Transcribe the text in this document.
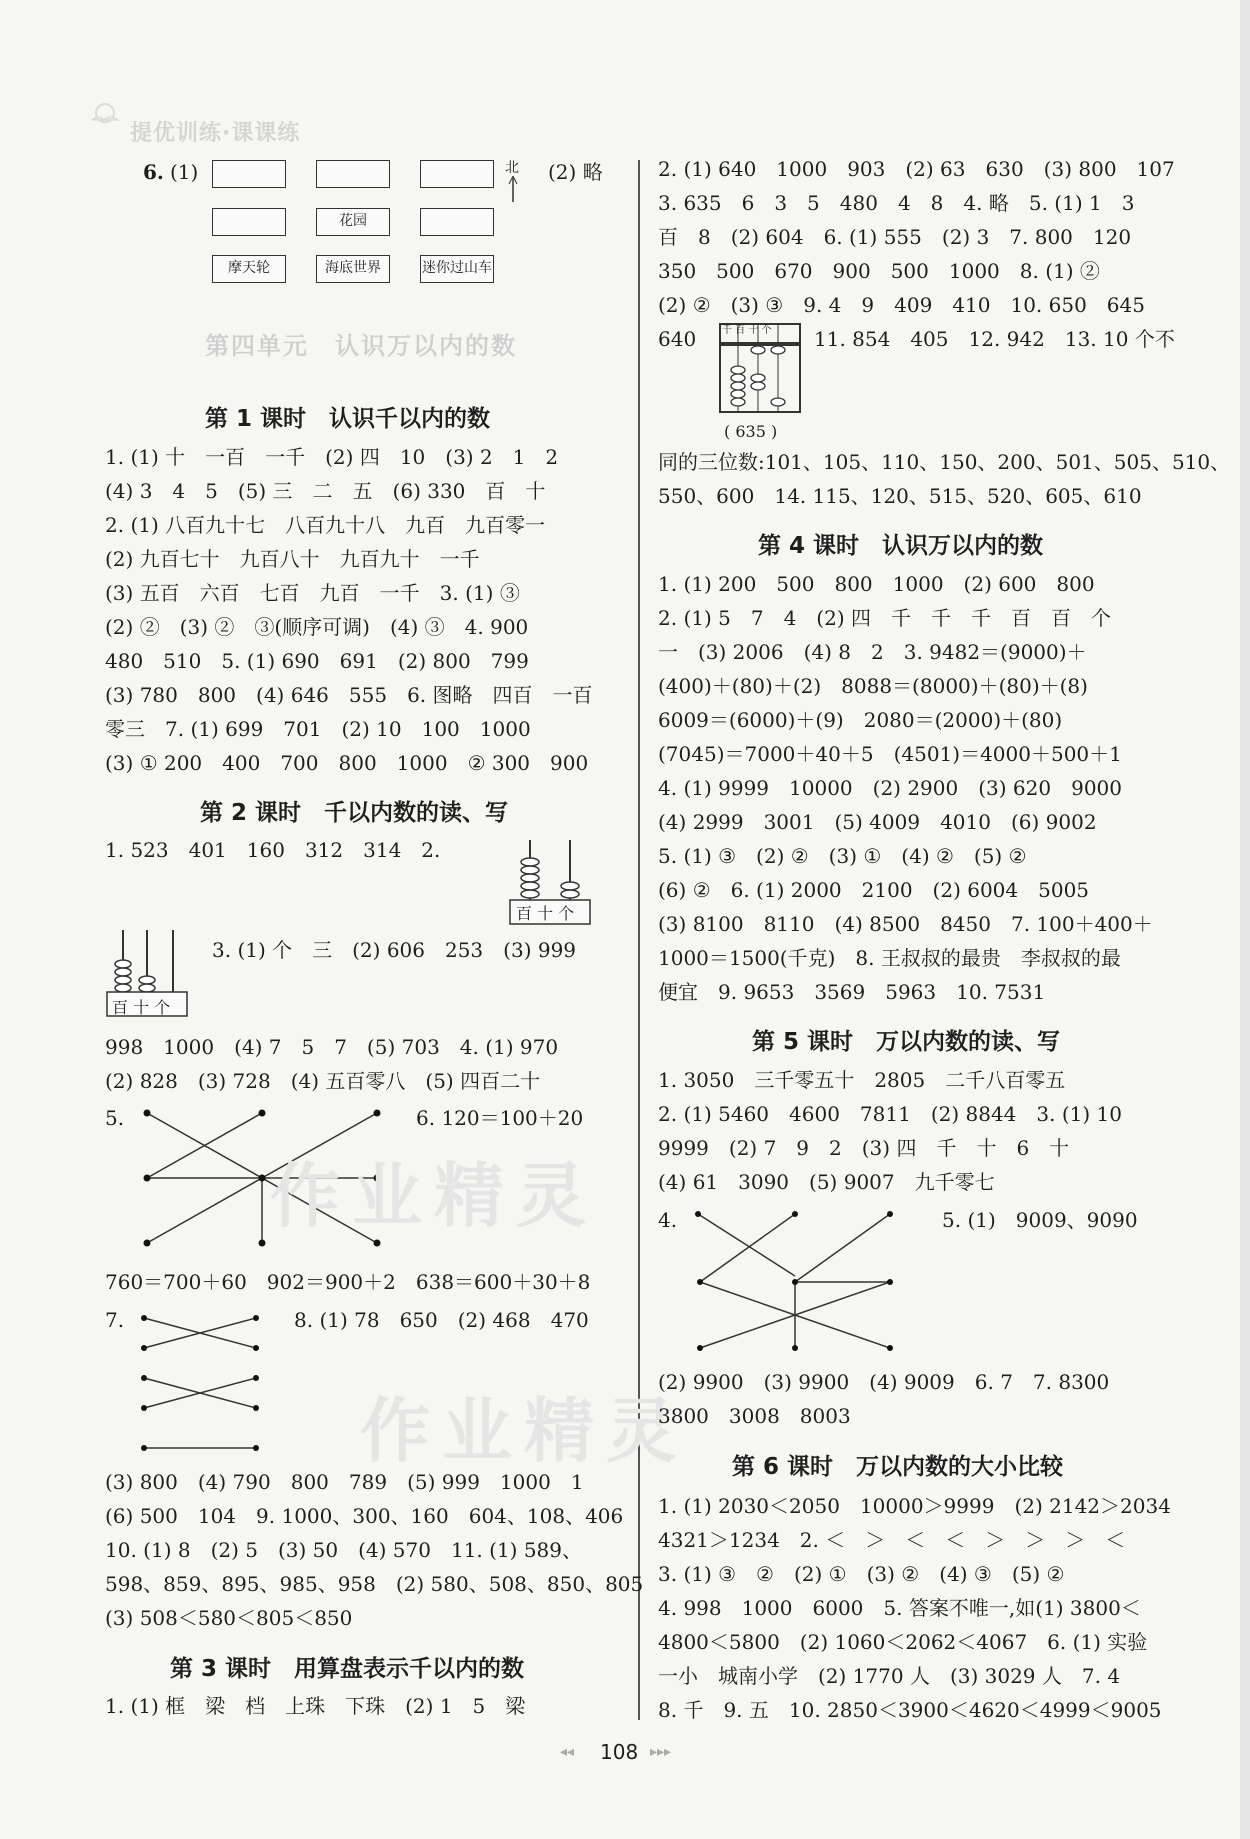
提优训练·课课练
6. (1)	北 (2) 略
花园
摩天轮	海底世界	迷你过山车
第四单元　认识万以内的数
第 1 课时　认识千以内的数
1. (1) 十　一百　一千　(2) 四　10　(3) 2　1　2
(4) 3　4　5　(5) 三　二　五　(6) 330　百　十
2. (1) 八百九十七　八百九十八　九百　九百零一
(2) 九百七十　九百八十　九百九十　一千
(3) 五百　六百　七百　九百　一千　3. (1) ③
(2) ②　(3) ②　③(顺序可调)　(4) ③　4. 900
480　510　5. (1) 690　691　(2) 800　799
(3) 780　800　(4) 646　555　6. 图略　四百　一百
零三　7. (1) 699　701　(2) 10　100　1000
(3) ① 200　400　700　800　1000　② 300　900
第 2 课时　千以内数的读、写
1. 523　401　160　312　314　2.
百 十 个
百 十 个
3. (1) 个　三　(2) 606　253　(3) 999
998　1000　(4) 7　5　7　(5) 703　4. (1) 970
(2) 828　(3) 728　(4) 五百零八　(5) 四百二十
5.	6. 120＝100＋20
760＝700＋60　902＝900＋2　638＝600＋30＋8
7.	8. (1) 78　650　(2) 468　470
(3) 800　(4) 790　800　789　(5) 999　1000　1
(6) 500　104　9. 1000、300、160　604、108、406
10. (1) 8　(2) 5　(3) 50　(4) 570　11. (1) 589、
598、859、895、985、958　(2) 580、508、850、805
(3) 508＜580＜805＜850
第 3 课时　用算盘表示千以内的数
1. (1) 框　梁　档　上珠　下珠　(2) 1　5　梁
作业精灵
作业精灵
2. (1) 640　1000　903　(2) 63　630　(3) 800　107
3. 635　6　3　5　480　4　8　4. 略　5. (1) 1　3
百　8　(2) 604　6. (1) 555　(2) 3　7. 800　120
350　500　670　900　500　1000　8. (1) ②
(2) ②　(3) ③　9. 4　9　409　410　10. 650　645
640	千 百 十 个
( 635 )
11. 854　405　12. 942　13. 10 个不
同的三位数:101、105、110、150、200、501、505、510、
550、600　14. 115、120、515、520、605、610
第 4 课时　认识万以内的数
1. (1) 200　500　800　1000　(2) 600　800
2. (1) 5　7　4　(2) 四　千　千　千　百　百　个
一　(3) 2006　(4) 8　2　3. 9482＝(9000)＋
(400)＋(80)＋(2)　8088＝(8000)＋(80)＋(8)
6009＝(6000)＋(9)　2080＝(2000)＋(80)
(7045)＝7000＋40＋5　(4501)＝4000＋500＋1
4. (1) 9999　10000　(2) 2900　(3) 620　9000
(4) 2999　3001　(5) 4009　4010　(6) 9002
5. (1) ③　(2) ②　(3) ①　(4) ②　(5) ②
(6) ②　6. (1) 2000　2100　(2) 6004　5005
(3) 8100　8110　(4) 8500　8450　7. 100＋400＋
1000＝1500(千克)　8. 王叔叔的最贵　李叔叔的最
便宜　9. 9653　3569　5963　10. 7531
第 5 课时　万以内数的读、写
1. 3050　三千零五十　2805　二千八百零五
2. (1) 5460　4600　7811　(2) 8844　3. (1) 10
9999　(2) 7　9　2　(3) 四　千　十　6　十
(4) 61　3090　(5) 9007　九千零七
4.	5. (1)　9009、9090
(2) 9900　(3) 9900　(4) 9009　6. 7　7. 8300
3800　3008　8003
第 6 课时　万以内数的大小比较
1. (1) 2030＜2050　10000＞9999　(2) 2142＞2034
4321＞1234　2. ＜　＞　＜　＜　＞　＞　＞　＜
3. (1) ③　②　(2) ①　(3) ②　(4) ③　(5) ②
4. 998　1000　6000　5. 答案不唯一,如(1) 3800＜
4800＜5800　(2) 1060＜2062＜4067　6. (1) 实验
一小　城南小学　(2) 1770 人　(3) 3029 人　7. 4
8. 千　9. 五　10. 2850＜3900＜4620＜4999＜9005
◂◂ 108 ▸▸▸
